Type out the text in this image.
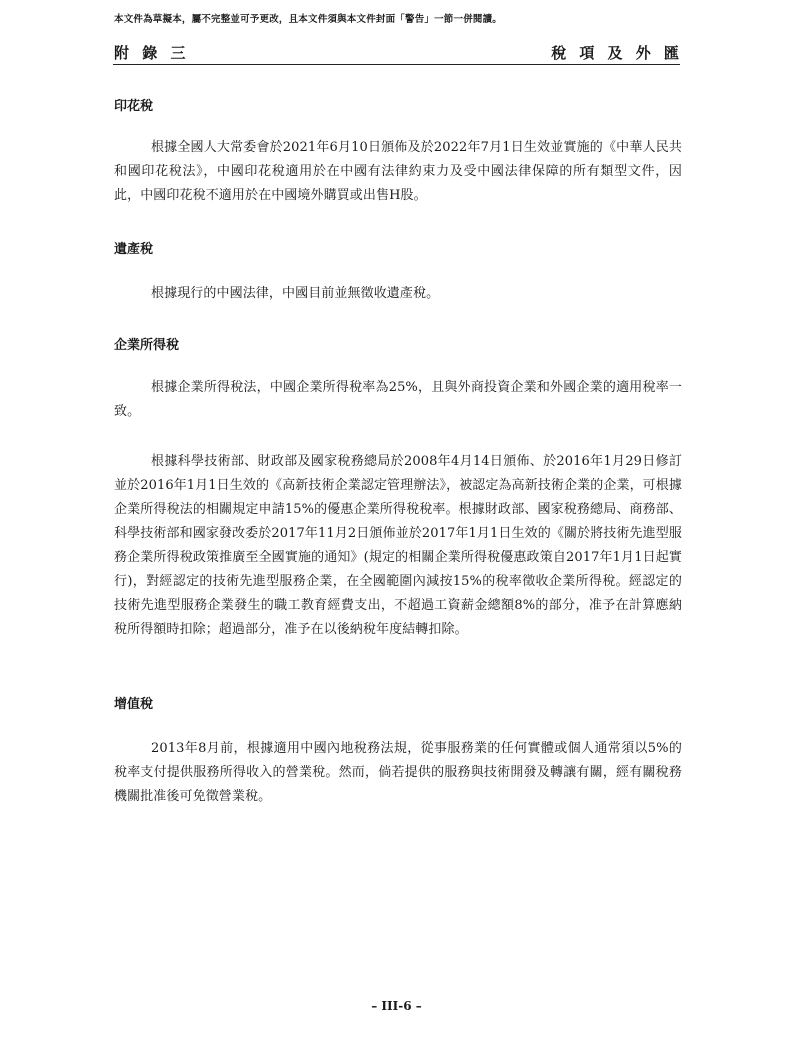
本文件為草擬本，屬不完整並可予更改，且本文件須與本文件封面「警告」一節一併閱讀。
附 錄 三	稅 項 及 外 匯
印花稅
根據全國人大常委會於2021年6月10日頒佈及於2022年7月1日生效並實施的《中華人民共和國印花稅法》，中國印花稅適用於在中國有法律約束力及受中國法律保障的所有類型文件，因此，中國印花稅不適用於在中國境外購買或出售H股。
遺產稅
根據現行的中國法律，中國目前並無徵收遺產稅。
企業所得稅
根據企業所得稅法，中國企業所得稅率為25%，且與外商投資企業和外國企業的適用稅率一致。
根據科學技術部、財政部及國家稅務總局於2008年4月14日頒佈、於2016年1月29日修訂並於2016年1月1日生效的《高新技術企業認定管理辦法》，被認定為高新技術企業的企業，可根據企業所得稅法的相關規定申請15%的優惠企業所得稅稅率。根據財政部、國家稅務總局、商務部、科學技術部和國家發改委於2017年11月2日頒佈並於2017年1月1日生效的《關於將技術先進型服務企業所得稅政策推廣至全國實施的通知》(規定的相關企業所得稅優惠政策自2017年1月1日起實行)，對經認定的技術先進型服務企業，在全國範圍內減按15%的稅率徵收企業所得稅。經認定的技術先進型服務企業發生的職工教育經費支出，不超過工資薪金總額8%的部分，准予在計算應納稅所得額時扣除；超過部分，准予在以後納稅年度結轉扣除。
增值稅
2013年8月前，根據適用中國內地稅務法規，從事服務業的任何實體或個人通常須以5%的稅率支付提供服務所得收入的營業稅。然而，倘若提供的服務與技術開發及轉讓有關，經有關稅務機關批准後可免徵營業稅。
– III-6 –
